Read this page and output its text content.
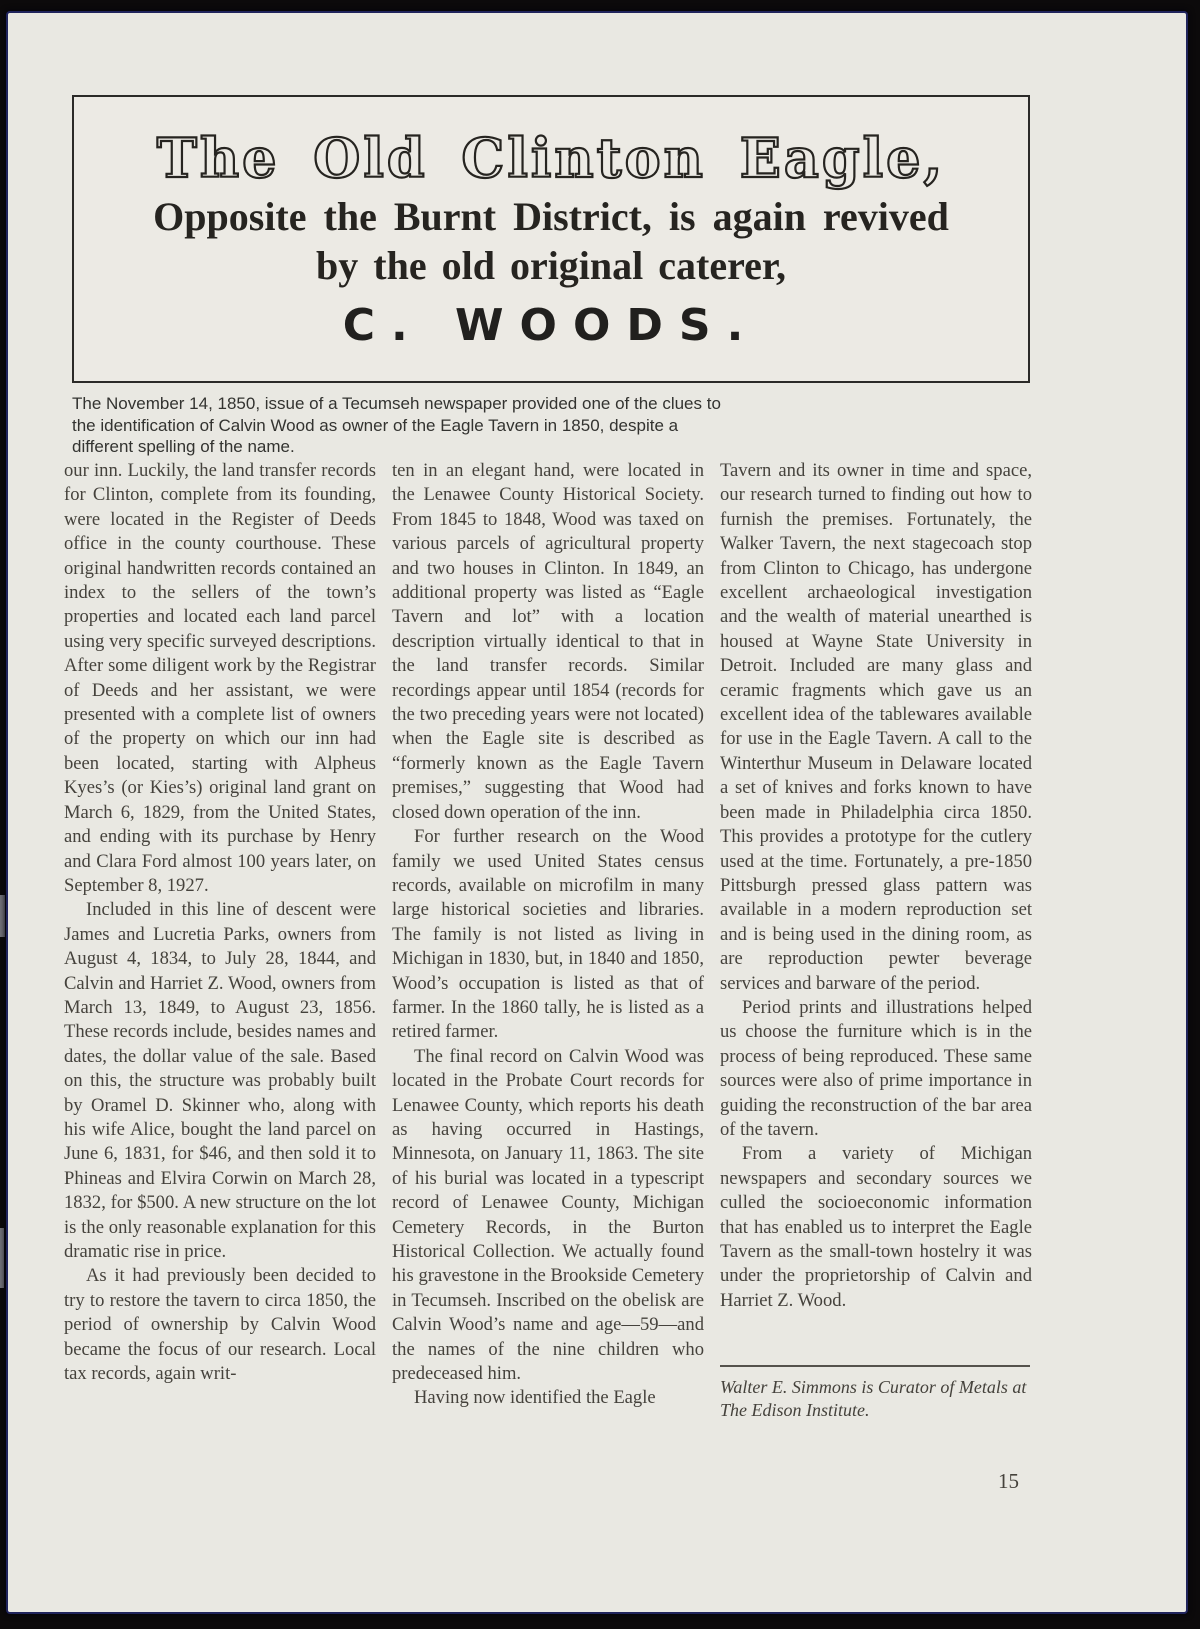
The Old Clinton Eagle,
Opposite the Burnt District, is again revived
by the old original caterer,
C. WOODS.

The November 14, 1850, issue of a Tecumseh newspaper provided one of the clues to the identification of Calvin Wood as owner of the Eagle Tavern in 1850, despite a different spelling of the name.

our inn. Luckily, the land transfer records for Clinton, complete from its founding, were located in the Register of Deeds office in the county courthouse. These original handwritten records contained an index to the sellers of the town’s properties and located each land parcel using very specific surveyed descriptions. After some diligent work by the Registrar of Deeds and her assistant, we were presented with a complete list of owners of the property on which our inn had been located, starting with Alpheus Kyes’s (or Kies’s) original land grant on March 6, 1829, from the United States, and ending with its purchase by Henry and Clara Ford almost 100 years later, on September 8, 1927.

Included in this line of descent were James and Lucretia Parks, owners from August 4, 1834, to July 28, 1844, and Calvin and Harriet Z. Wood, owners from March 13, 1849, to August 23, 1856. These records include, besides names and dates, the dollar value of the sale. Based on this, the structure was probably built by Oramel D. Skinner who, along with his wife Alice, bought the land parcel on June 6, 1831, for $46, and then sold it to Phineas and Elvira Corwin on March 28, 1832, for $500. A new structure on the lot is the only reasonable explanation for this dramatic rise in price.

As it had previously been decided to try to restore the tavern to circa 1850, the period of ownership by Calvin Wood became the focus of our research. Local tax records, again writ-

ten in an elegant hand, were located in the Lenawee County Historical Society. From 1845 to 1848, Wood was taxed on various parcels of agricultural property and two houses in Clinton. In 1849, an additional property was listed as “Eagle Tavern and lot” with a location description virtually identical to that in the land transfer records. Similar recordings appear until 1854 (records for the two preceding years were not located) when the Eagle site is described as “formerly known as the Eagle Tavern premises,” suggesting that Wood had closed down operation of the inn.

For further research on the Wood family we used United States census records, available on microfilm in many large historical societies and libraries. The family is not listed as living in Michigan in 1830, but, in 1840 and 1850, Wood’s occupation is listed as that of farmer. In the 1860 tally, he is listed as a retired farmer.

The final record on Calvin Wood was located in the Probate Court records for Lenawee County, which reports his death as having occurred in Hastings, Minnesota, on January 11, 1863. The site of his burial was located in a typescript record of Lenawee County, Michigan Cemetery Records, in the Burton Historical Collection. We actually found his gravestone in the Brookside Cemetery in Tecumseh. Inscribed on the obelisk are Calvin Wood’s name and age—59—and the names of the nine children who predeceased him.

Having now identified the Eagle

Tavern and its owner in time and space, our research turned to finding out how to furnish the premises. Fortunately, the Walker Tavern, the next stagecoach stop from Clinton to Chicago, has undergone excellent archaeological investigation and the wealth of material unearthed is housed at Wayne State University in Detroit. Included are many glass and ceramic fragments which gave us an excellent idea of the tablewares available for use in the Eagle Tavern. A call to the Winterthur Museum in Delaware located a set of knives and forks known to have been made in Philadelphia circa 1850. This provides a prototype for the cutlery used at the time. Fortunately, a pre-1850 Pittsburgh pressed glass pattern was available in a modern reproduction set and is being used in the dining room, as are reproduction pewter beverage services and barware of the period.

Period prints and illustrations helped us choose the furniture which is in the process of being reproduced. These same sources were also of prime importance in guiding the reconstruction of the bar area of the tavern.

From a variety of Michigan newspapers and secondary sources we culled the socioeconomic information that has enabled us to interpret the Eagle Tavern as the small-town hostelry it was under the proprietorship of Calvin and Harriet Z. Wood.

Walter E. Simmons is Curator of Metals at The Edison Institute.

15
